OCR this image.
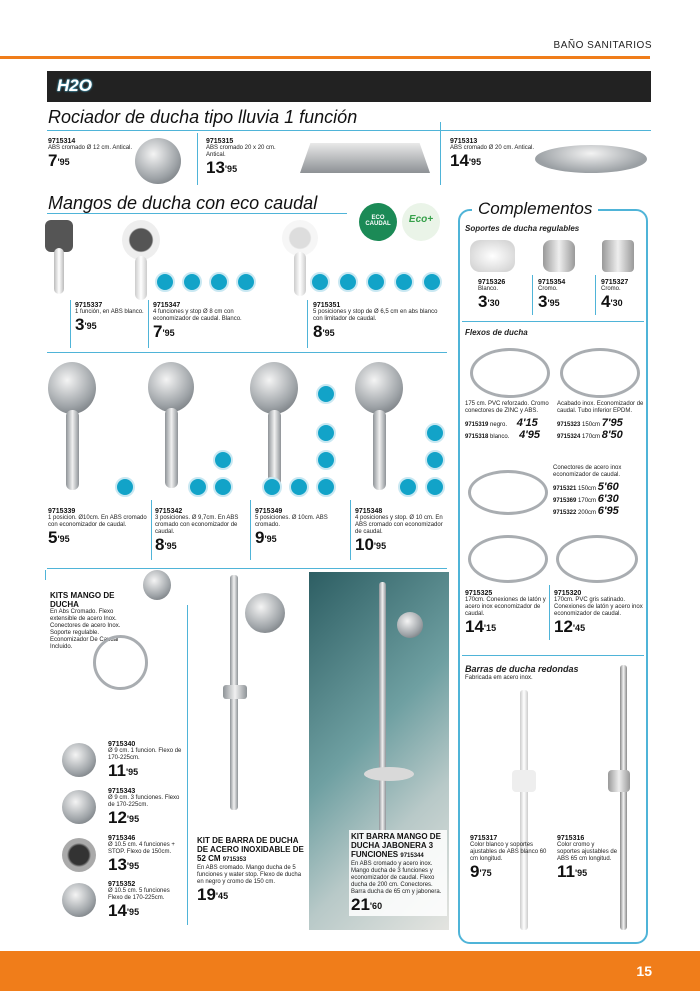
BAÑO SANITARIOS
H2O
Rociador de ducha tipo lluvia 1 función
9715314
ABS cromado Ø 12 cm. Antical.
$7^{'95}$
9715315
ABS cromado 20 x 20 cm. Antical.
$13^{'95}$
9715313
ABS cromado Ø 20 cm. Antical.
$14^{'95}$
Mangos de ducha con eco caudal
ECO CAUDAL	Eco+
9715337
1 función, en ABS blanco.
$3^{'95}$
9715347
4 funciones y stop Ø 8 cm con economizador de caudal. Blanco.
$7^{'95}$
9715351
5 posiciones y stop de Ø 6,5 cm en abs blanco con limitador de caudal.
$8^{'95}$
9715339
1 posicion. Ø10cm. En ABS cromado con economizador de caudal.
$5^{'95}$
9715342
3 posiciones. Ø 9,7cm. En ABS cromado con economizador de caudal.
$8^{'95}$
9715349
5 posiciones. Ø 10cm. ABS cromado.
$9^{'95}$
9715348
4 posiciones y stop. Ø 10 cm. En ABS cromado con economizador de caudal.
$10^{'95}$
KITS MANGO DE DUCHA
En Abs Cromado. Flexo extensible de acero Inox. Conectores de acero Inox. Soporte regulable. Economizador De Caudal Incluido.
9715340
Ø 9 cm. 1 funcion. Flexo de 170-225cm.
$11^{'95}$
9715343
Ø 9 cm. 3 funciones. Flexo de 170-225cm.
$12^{'95}$
9715346
Ø 10.5 cm. 4 funciones + STOP. Flexo de 150cm.
$13^{'95}$
9715352
Ø 10.5 cm. 5 funciones Flexo de 170-225cm.
$14^{'95}$
KIT DE BARRA DE DUCHA DE ACERO INOXIDABLE DE 52 CM 9715353
En ABS cromado. Mango ducha de 5 funciones y water stop. Flexo de ducha en negro y cromo de 150 cm.
$19^{'45}$
KIT BARRA MANGO DE DUCHA JABONERA 3 FUNCIONES 9715344
En ABS cromado y acero inox. Mango ducha de 3 funciones y economizador de caudal. Flexo ducha de 200 cm. Conectores. Barra ducha de 65 cm y jabonera.
$21^{'60}$
Complementos
Soportes de ducha regulables
9715326
Blanco.
$3^{'30}$
9715354
Cromo.
$3^{'95}$
9715327
Cromo.
$4^{'30}$
Flexos de ducha
175 cm. PVC reforzado. Cromo conectores de ZINC y ABS.
9715319 negro. 4'15
9715318 blanco. 4'95
Acabado inox. Economizador de caudal. Tubo inferior EPDM.
9715323 150cm 7'95
9715324 170cm 8'50
Conectores de acero inox economizador de caudal.
9715321 150cm 5'60
9715369 170cm 6'30
9715322 200cm 6'95
9715325
170cm. Conexiones de latón y acero inox economizador de caudal.
$14^{'15}$
9715320
170cm. PVC gris satinado. Conexiones de latón y acero inox economizador de caudal.
$12^{'45}$
Barras de ducha redondas
Fabricada em acero inox.
9715317
Color blanco y soportes ajustables de ABS blanco 60 cm longitud.
$9^{'75}$
9715316
Color cromo y soportes ajustables de ABS 65 cm longitud.
$11^{'95}$
15
